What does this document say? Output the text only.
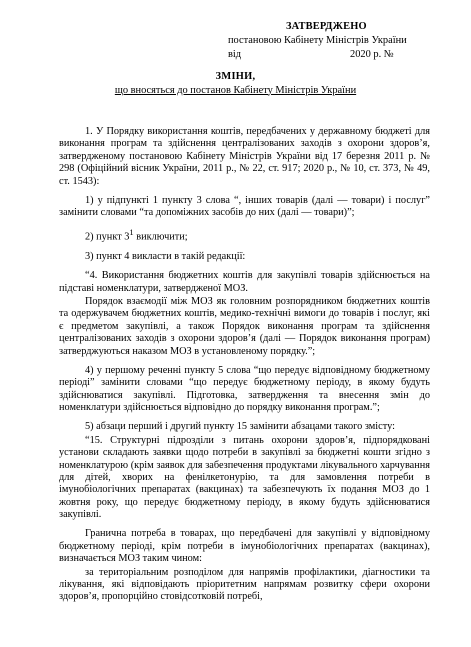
ЗАТВЕРДЖЕНО
постановою Кабінету Міністрів України
від	2020 р. №
ЗМІНИ,
що вносяться до постанов Кабінету Міністрів України

1. У Порядку використання коштів, передбачених у державному бюджеті для виконання програм та здійснення централізованих заходів з охорони здоров’я, затвердженому постановою Кабінету Міністрів України від 17 березня 2011 р. № 298 (Офіційний вісник України, 2011 р., № 22, ст. 917; 2020 р., № 10, ст. 373, № 49, ст. 1543):

1) у підпункті 1 пункту 3 слова “, інших товарів (далі — товари) і послуг” замінити словами “та допоміжних засобів до них (далі — товари)”;

2) пункт $3^1$ виключити;

3) пункт 4 викласти в такій редакції:

“4. Використання бюджетних коштів для закупівлі товарів здійснюється на підставі номенклатури, затвердженої МОЗ.

Порядок взаємодії між МОЗ як головним розпорядником бюджетних коштів та одержувачем бюджетних коштів, медико-технічні вимоги до товарів і послуг, які є предметом закупівлі, а також Порядок виконання програм та здійснення централізованих заходів з охорони здоров’я (далі — Порядок виконання програм) затверджуються наказом МОЗ в установленому порядку.”;

4) у першому реченні пункту 5 слова “що передує відповідному бюджетному періоді” замінити словами “що передує бюджетному періоду, в якому будуть здійснюватися закупівлі. Підготовка, затвердження та внесення змін до номенклатури здійснюється відповідно до порядку виконання програм.”;

5) абзаци перший і другий пункту 15 замінити абзацами такого змісту:

“15. Структурні підрозділи з питань охорони здоров’я, підпорядковані установи складають заявки щодо потреби в закупівлі за бюджетні кошти згідно з номенклатурою (крім заявок для забезпечення продуктами лікувального харчування для дітей, хворих на фенілкетонурію, та для замовлення потреби в імунобіологічних препаратах (вакцинах) та забезпечують їх подання МОЗ до 1 жовтня року, що передує бюджетному періоду, в якому будуть здійснюватися закупівлі.

Гранична потреба в товарах, що передбачені для закупівлі у відповідному бюджетному періоді, крім потреби в імунобіологічних препаратах (вакцинах), визначається МОЗ таким чином:

за територіальним розподілом для напрямів профілактики, діагностики та лікування, які відповідають пріоритетним напрямам розвитку сфери охорони здоров’я, пропорційно стовідсотковій потребі,
